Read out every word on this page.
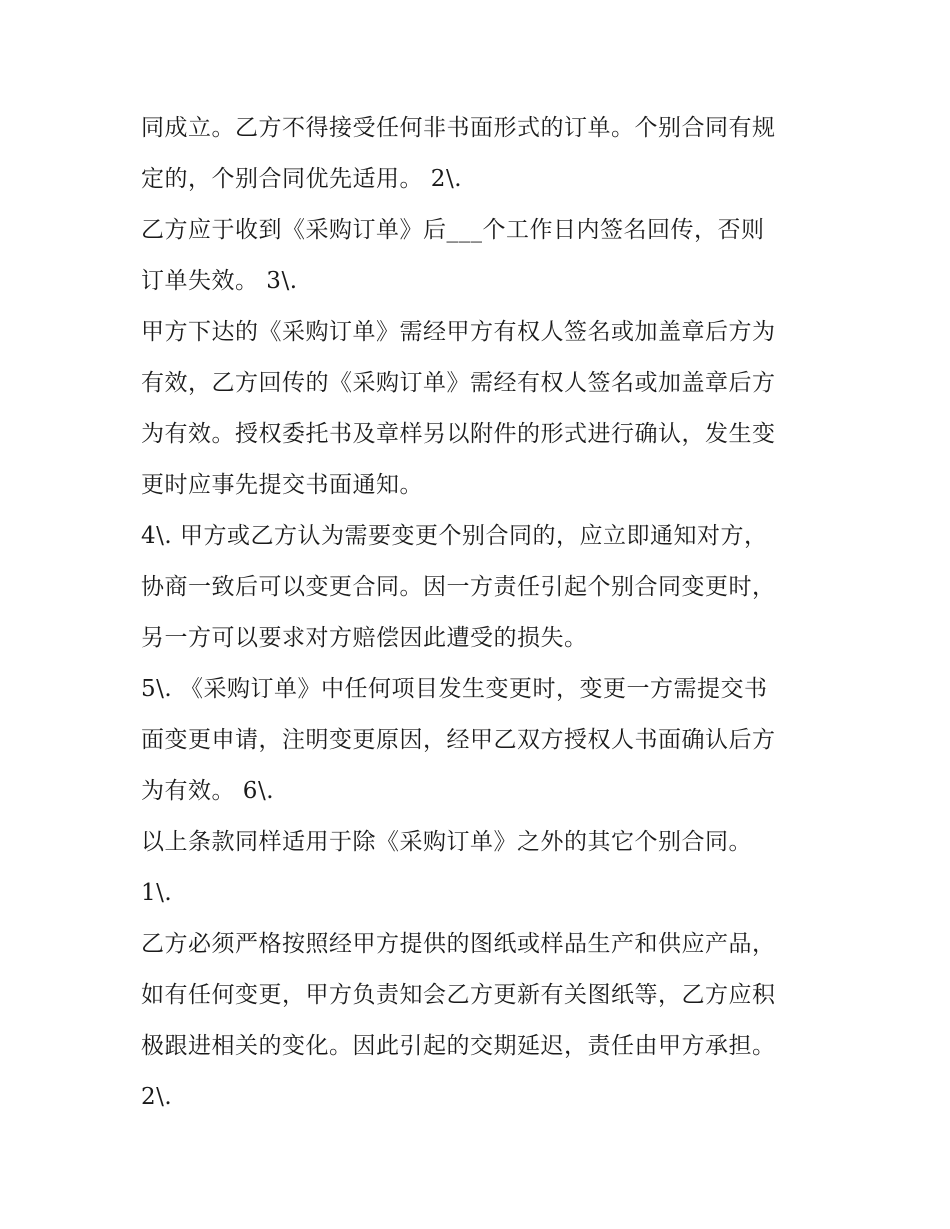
同成立。乙方不得接受任何非书面形式的订单。个别合同有规
定的，个别合同优先适用。 2\.
乙方应于收到《采购订单》后___个工作日内签名回传，否则
订单失效。 3\.
甲方下达的《采购订单》需经甲方有权人签名或加盖章后方为
有效，乙方回传的《采购订单》需经有权人签名或加盖章后方
为有效。授权委托书及章样另以附件的形式进行确认，发生变
更时应事先提交书面通知。
4\. 甲方或乙方认为需要变更个别合同的，应立即通知对方，
协商一致后可以变更合同。因一方责任引起个别合同变更时，
另一方可以要求对方赔偿因此遭受的损失。
5\. 《采购订单》中任何项目发生变更时，变更一方需提交书
面变更申请，注明变更原因，经甲乙双方授权人书面确认后方
为有效。 6\.
以上条款同样适用于除《采购订单》之外的其它个别合同。
1\.
乙方必须严格按照经甲方提供的图纸或样品生产和供应产品，
如有任何变更，甲方负责知会乙方更新有关图纸等，乙方应积
极跟进相关的变化。因此引起的交期延迟，责任由甲方承担。
2\.
